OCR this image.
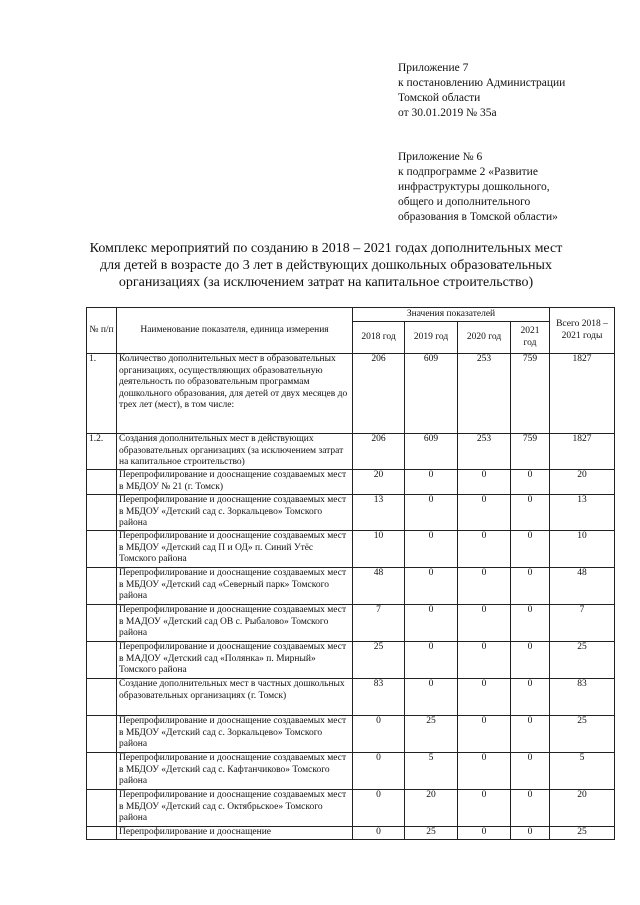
Приложение 7
к постановлению Администрации
Томской области
от 30.01.2019 № 35а
Приложение № 6
к подпрограмме 2 «Развитие
инфраструктуры дошкольного,
общего и дополнительного
образования в Томской области»
Комплекс мероприятий по созданию в 2018 – 2021 годах дополнительных мест
для детей в возрасте до 3 лет в действующих дошкольных образовательных
организациях (за исключением затрат на капитальное строительство)
№ п/п	Наименование показателя, единица измерения	Значения показателей				Всего 2018 – 2021 годы
		2018 год	2019 год	2020 год	2021 год	
1.	Количество дополнительных мест в образовательных организациях, осуществляющих образовательную деятельность по образовательным программам дошкольного образования, для детей от двух месяцев до трех лет (мест), в том числе:	206	609	253	759	1827
1.2.	Создания дополнительных мест в действующих образовательных организациях (за исключением затрат на капитальное строительство)	206	609	253	759	1827
	Перепрофилирование и дооснащение создаваемых мест в МБДОУ № 21 (г. Томск)	20	0	0	0	20
	Перепрофилирование и дооснащение создаваемых мест в МБДОУ «Детский сад с. Зоркальцево» Томского района	13	0	0	0	13
	Перепрофилирование и дооснащение создаваемых мест в МБДОУ «Детский сад П и ОД» п. Синий Утёс Томского района	10	0	0	0	10
	Перепрофилирование и дооснащение создаваемых мест в МБДОУ «Детский сад «Северный парк» Томского района	48	0	0	0	48
	Перепрофилирование и дооснащение создаваемых мест в МАДОУ «Детский сад ОВ с. Рыбалово» Томского района	7	0	0	0	7
	Перепрофилирование и дооснащение создаваемых мест в МАДОУ «Детский сад «Полянка» п. Мирный» Томского района	25	0	0	0	25
	Создание дополнительных мест в частных дошкольных образовательных организациях (г. Томск)	83	0	0	0	83
	Перепрофилирование и дооснащение создаваемых мест в МБДОУ «Детский сад с. Зоркальцево» Томского района	0	25	0	0	25
	Перепрофилирование и дооснащение создаваемых мест в МБДОУ «Детский сад с. Кафтанчиково» Томского района	0	5	0	0	5
	Перепрофилирование и дооснащение создаваемых мест в МБДОУ «Детский сад с. Октябрьское» Томского района	0	20	0	0	20
	Перепрофилирование и дооснащение	0	25	0	0	25
